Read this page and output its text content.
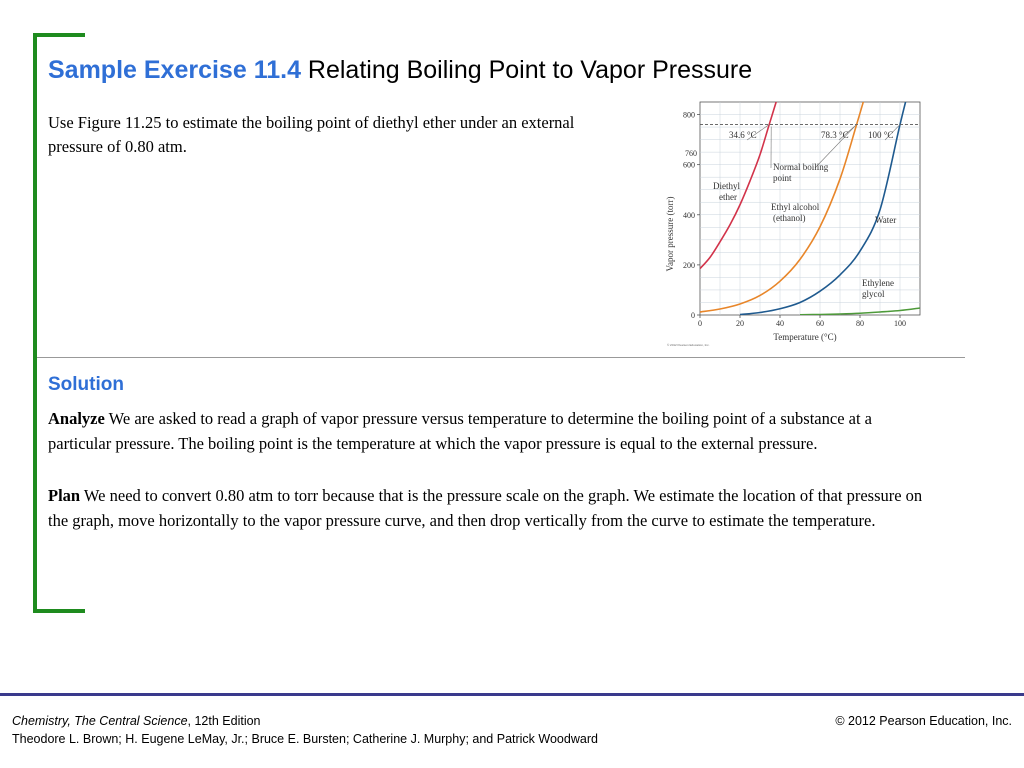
Sample Exercise 11.4 Relating Boiling Point to Vapor Pressure
Use Figure 11.25 to estimate the boiling point of diethyl ether under an external pressure of 0.80 atm.
0	20	40	60	80	100
0
200
400
600
800
Vapor pressure (torr)
Temperature (°C)
34.6 °C	78.3 °C 100 °C
Normal boiling
point
760
Diethyl
ether
Ethyl alcohol
(ethanol)	Water
Ethylene
glycol
© 2012 Pearson Education, Inc.
Solution
Analyze We are asked to read a graph of vapor pressure versus temperature to determine the boiling point of a substance at a particular pressure. The boiling point is the temperature at which the vapor pressure is equal to the external pressure.
Plan We need to convert 0.80 atm to torr because that is the pressure scale on the graph. We estimate the location of that pressure on the graph, move horizontally to the vapor pressure curve, and then drop vertically from the curve to estimate the temperature.
Chemistry, The Central Science, 12th Edition
Theodore L. Brown; H. Eugene LeMay, Jr.; Bruce E. Bursten; Catherine J. Murphy; and Patrick Woodward
© 2012 Pearson Education, Inc.
